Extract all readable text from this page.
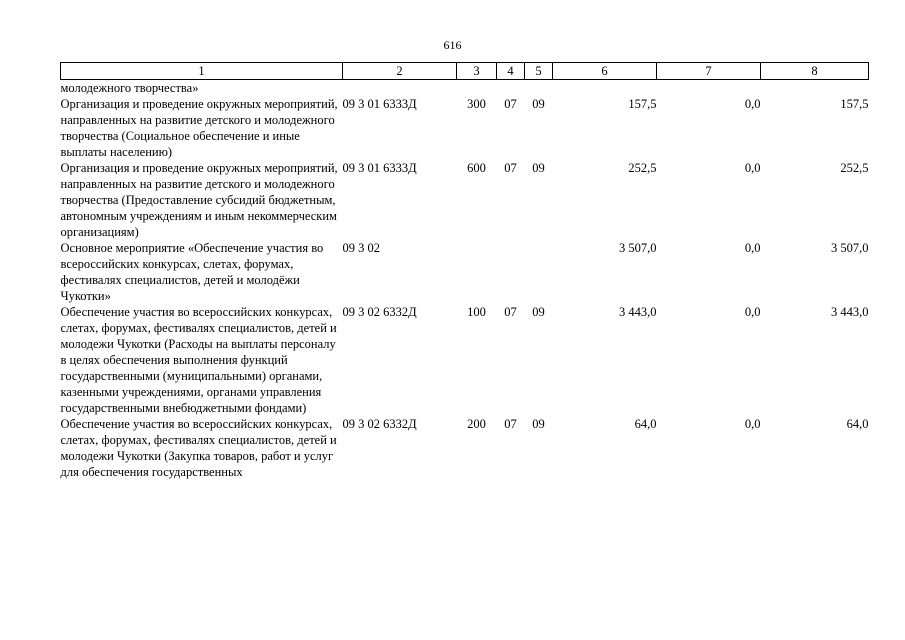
616
1	2	3	4	5	6	7	8
молодежного творчества»							
Организация и проведение окружных мероприятий, направленных на развитие детского и молодежного творчества (Социальное обеспечение и иные выплаты населению)	09 3 01 6333Д	300	07	09	157,5	0,0	157,5
Организация и проведение окружных мероприятий, направленных на развитие детского и молодежного творчества (Предоставление субсидий бюджетным, автономным учреждениям и иным некоммерческим организациям)	09 3 01 6333Д	600	07	09	252,5	0,0	252,5
Основное мероприятие «Обеспечение участия во всероссийских конкурсах, слетах, форумах, фестивалях специалистов, детей и молодёжи Чукотки»	09 3 02				3 507,0	0,0	3 507,0
Обеспечение участия во всероссийских конкурсах, слетах, форумах, фестивалях специалистов, детей и молодежи Чукотки (Расходы на выплаты персоналу в целях обеспечения выполнения функций государственными (муниципальными) органами, казенными учреждениями, органами управления государственными внебюджетными фондами)	09 3 02 6332Д	100	07	09	3 443,0	0,0	3 443,0
Обеспечение участия во всероссийских конкурсах, слетах, форумах, фестивалях специалистов, детей и молодежи Чукотки (Закупка товаров, работ и услуг для обеспечения государственных	09 3 02 6332Д	200	07	09	64,0	0,0	64,0
